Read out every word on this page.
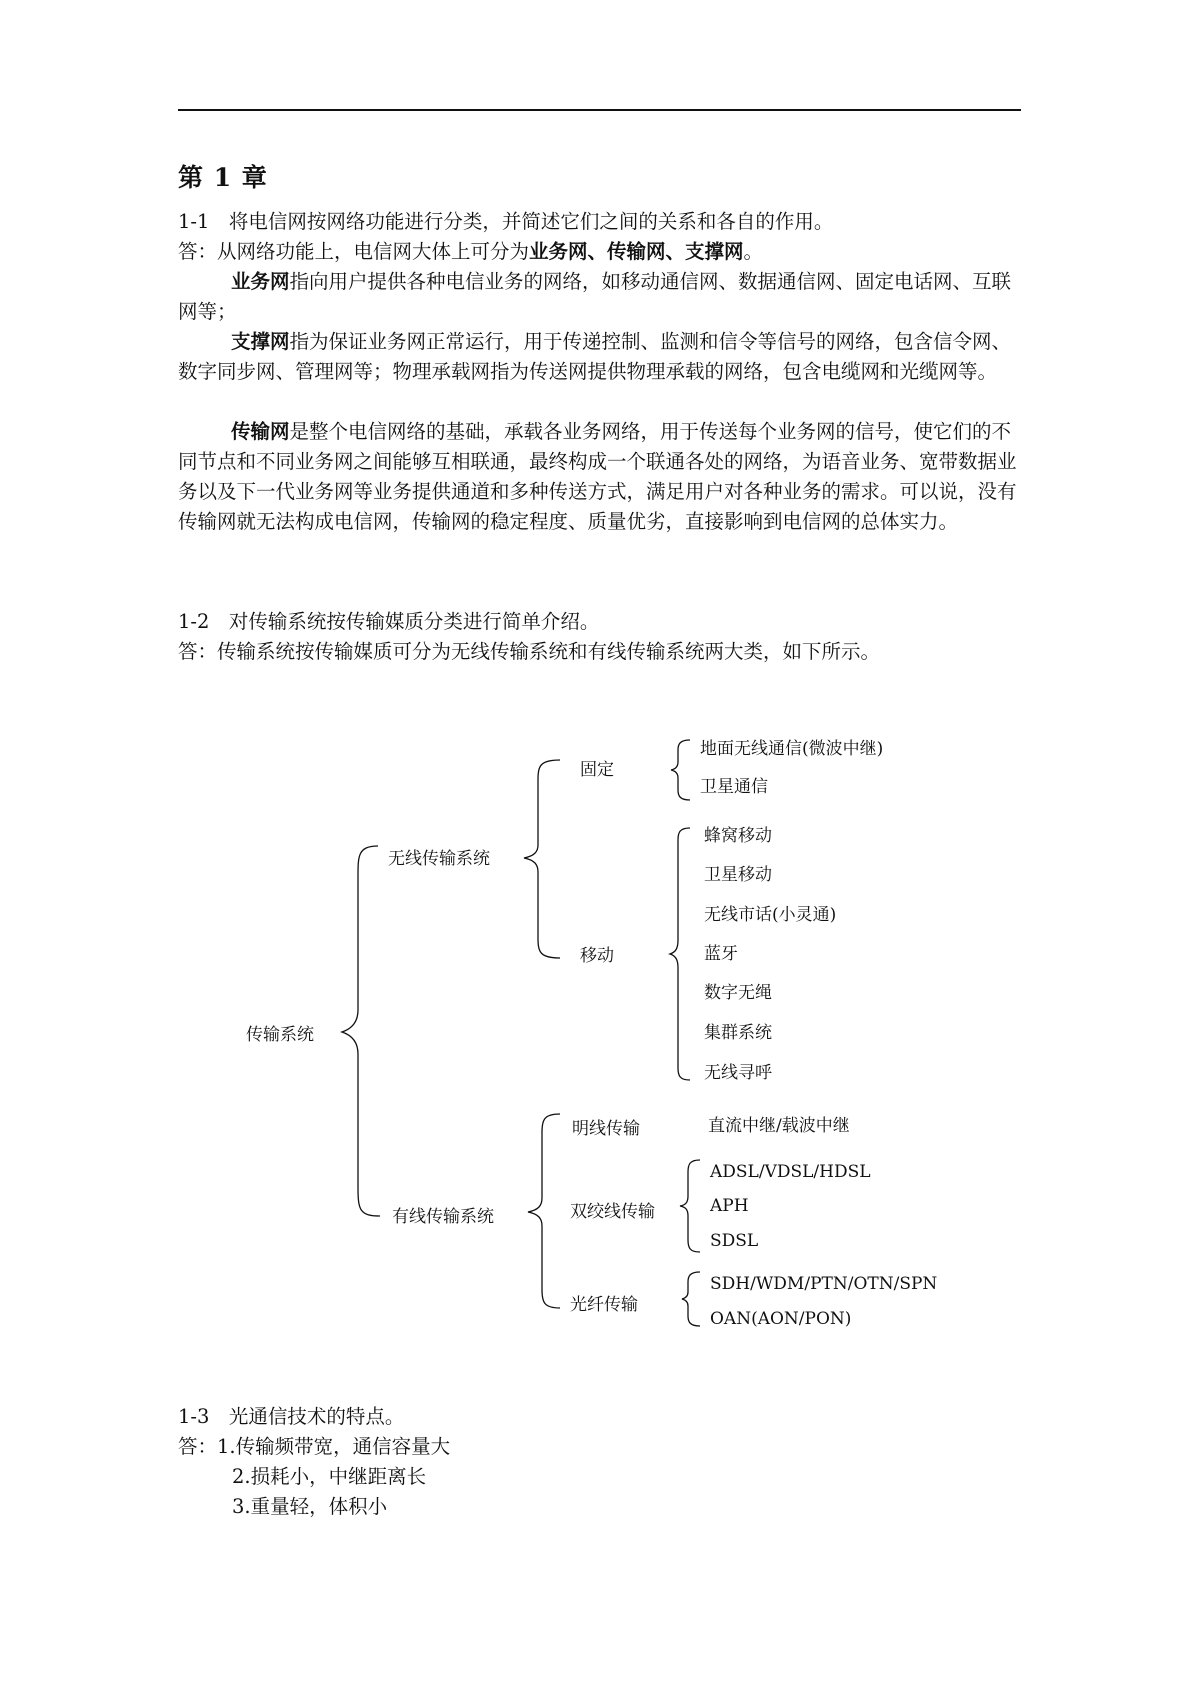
第 1 章

1-1　将电信网按网络功能进行分类，并简述它们之间的关系和各自的作用。

答：从网络功能上，电信网大体上可分为业务网、传输网、支撑网。

业务网指向用户提供各种电信业务的网络，如移动通信网、数据通信网、固定电话网、互联网等；

支撑网指为保证业务网正常运行，用于传递控制、监测和信令等信号的网络，包含信令网、数字同步网、管理网等；物理承载网指为传送网提供物理承载的网络，包含电缆网和光缆网等。

传输网是整个电信网络的基础，承载各业务网络，用于传送每个业务网的信号，使它们的不同节点和不同业务网之间能够互相联通，最终构成一个联通各处的网络，为语音业务、宽带数据业务以及下一代业务网等业务提供通道和多种传送方式，满足用户对各种业务的需求。可以说，没有传输网就无法构成电信网，传输网的稳定程度、质量优劣，直接影响到电信网的总体实力。

1-2　对传输系统按传输媒质分类进行简单介绍。

答：传输系统按传输媒质可分为无线传输系统和有线传输系统两大类，如下所示。

传输系统
无线传输系统
固定
地面无线通信(微波中继)
卫星通信
移动
蜂窝移动
卫星移动
无线市话(小灵通)
蓝牙
数字无绳
集群系统
无线寻呼
有线传输系统
明线传输	直流中继/载波中继
双绞线传输
ADSL/VDSL/HDSL
APH
SDSL
光纤传输
SDH/WDM/PTN/OTN/SPN
OAN(AON/PON)

1-3　光通信技术的特点。

答：1.传输频带宽，通信容量大

2.损耗小，中继距离长
3.重量轻，体积小
